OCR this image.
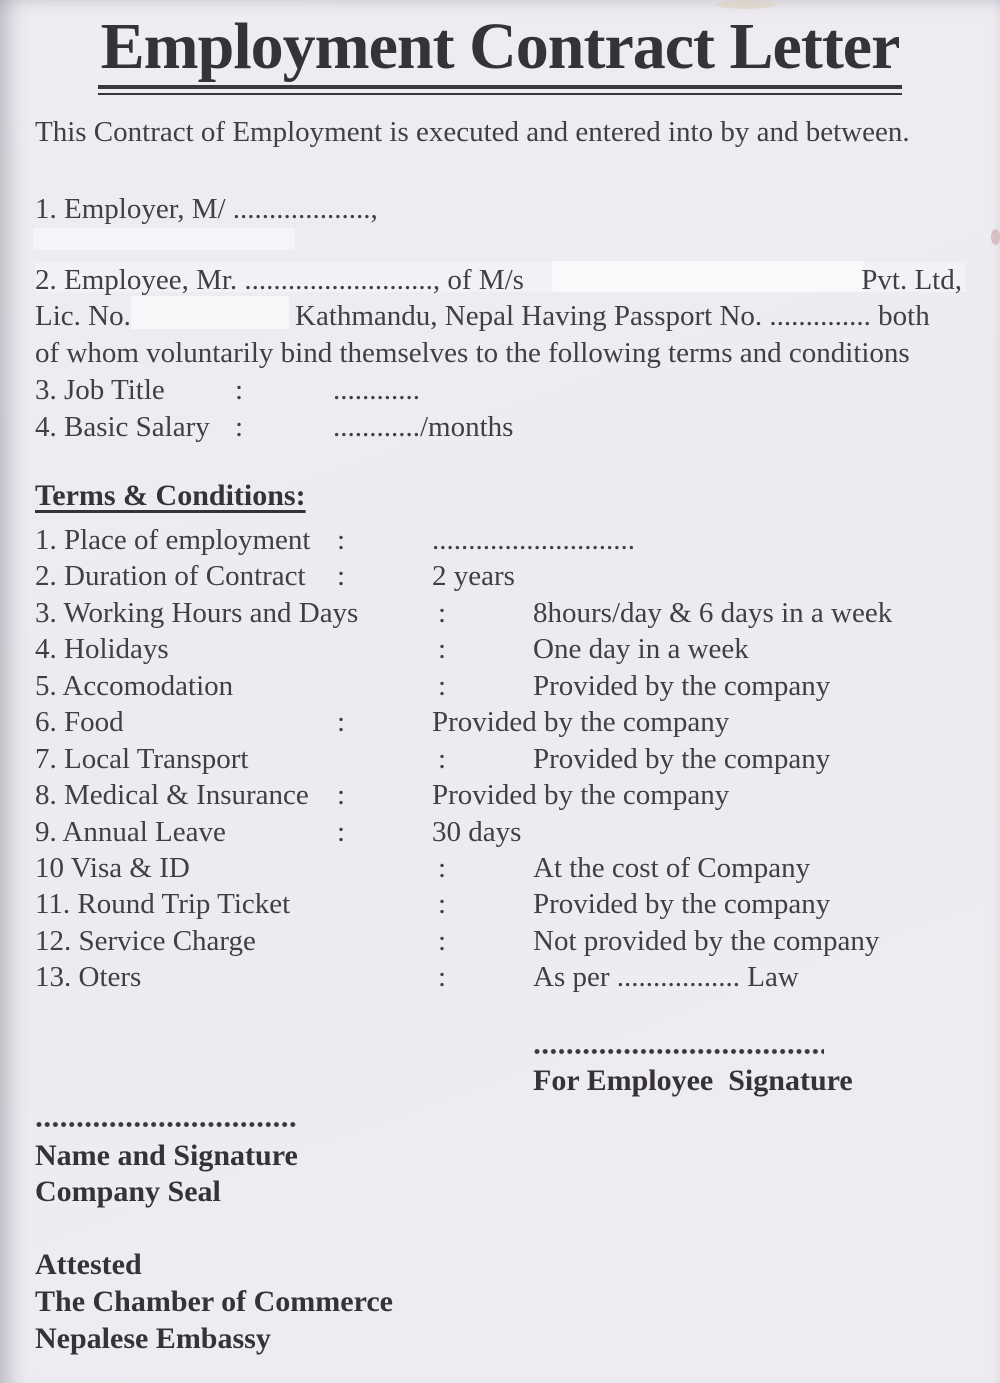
Employment Contract Letter
This Contract of Employment is executed and entered into by and between.
1. Employer, M/ ...................,
2. Employee, Mr. .........................., of M/s	Pvt. Ltd,
Lic. No.	Kathmandu, Nepal Having Passport No. .............. both
of whom voluntarily bind themselves to the following terms and conditions
3. Job Title :	............
4. Basic Salary :	............/months
Terms & Conditions:
1. Place of employment :	............................
2. Duration of Contract :	2 years
3. Working Hours and Days	:	8hours/day & 6 days in a week
4. Holidays	:	One day in a week
5. Accomodation	:	Provided by the company
6. Food	:	Provided by the company
7. Local Transport	:	Provided by the company
8. Medical & Insurance :	Provided by the company
9. Annual Leave	:	30 days
10 Visa & ID	:	At the cost of Company
11. Round Trip Ticket	:	Provided by the company
12. Service Charge	:	Not provided by the company
13. Oters	:	As per ................. Law
For Employee  Signature
Name and Signature
Company Seal
Attested
The Chamber of Commerce
Nepalese Embassy
